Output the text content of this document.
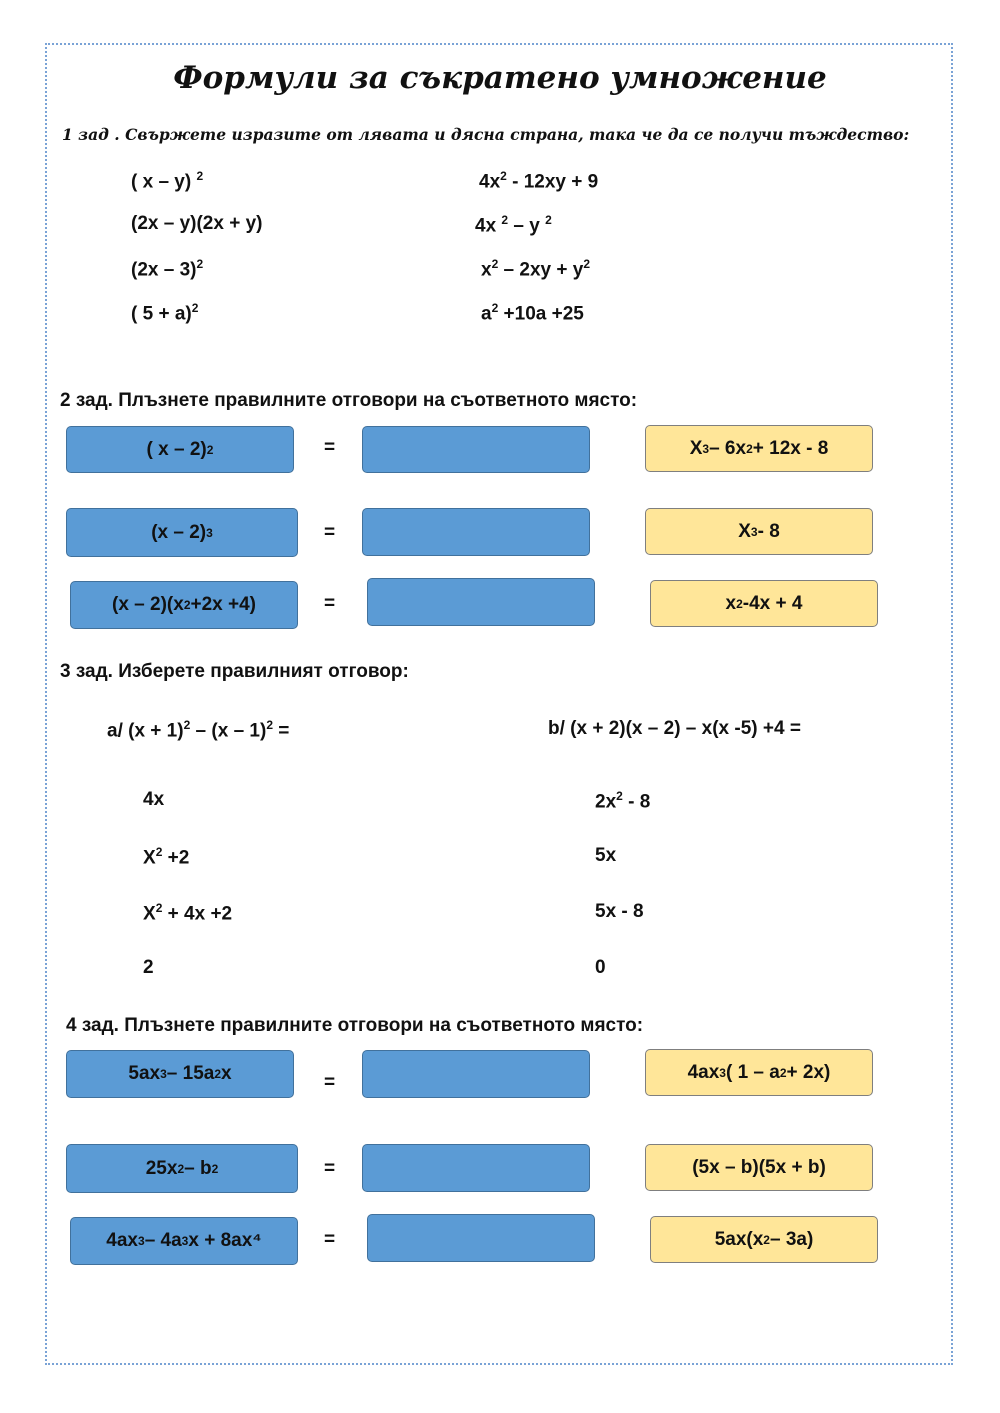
Формули за съкратено умножение
1 зад . Свържете изразите от лявата и дясна страна, така че да се получи тъждество:
( x – y) $^2$
(2x – y)(2x + y)
(2x – 3)$^2$
( 5 + a)$^2$
$4x^2 - 12xy + 9$
4x $^2$ – y $^2$
$x^2 - 2xy + y^2$
$a^2 +10a +25$
2 зад. Плъзнете правилните отговори на съответното място:
( x – 2) 2	=	X 3 – 6x 2 + 12x - 8
(x – 2) 3	=	X 3 - 8
(x – 2)(x 2 +2x +4)	=	x 2 -4x + 4
3 зад. Изберете правилният отговор:
a/ $(x + 1)^2 - (x - 1)^2$ =	b/ (x + 2)(x – 2) – x(x -5) +4 =
4x
$X^2 +2$
$X^2 + 4x +2$
2
$2x^2 - 8$
5x
5x - 8
0
4 зад. Плъзнете правилните отговори на съответното място:
5ax 3 – 15a 2 x	=	4ax 3 ( 1 – a 2 + 2x)
25x 2 – b 2	=	(5x – b)(5x + b)
4ax 3 – 4a 3 x + 8ax⁴	=	5ax(x 2 – 3a)
